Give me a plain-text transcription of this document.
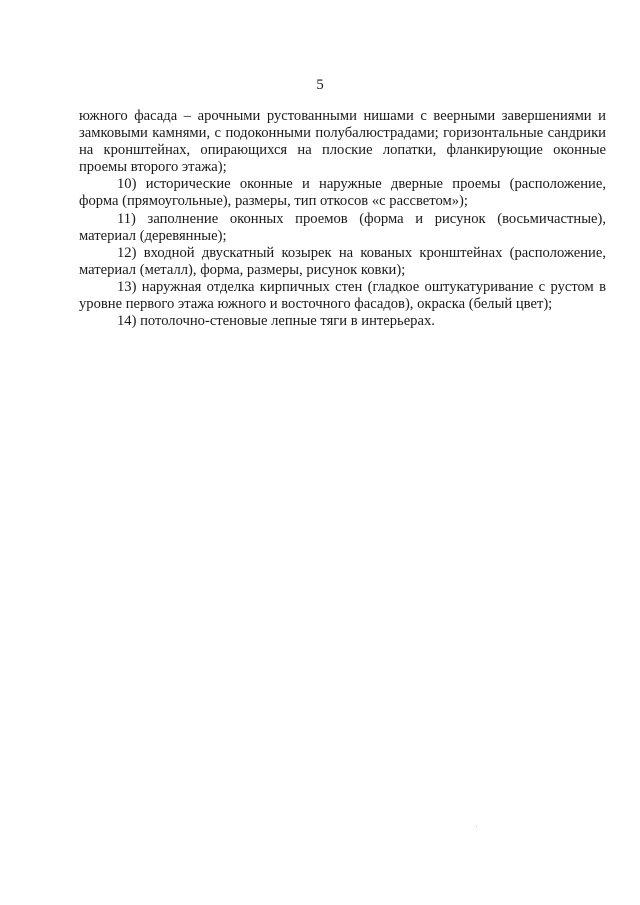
5

южного фасада – арочными рустованными нишами с веерными завершениями и замковыми камнями, с подоконными полубалюстрадами; горизонтальные сандрики на кронштейнах, опирающихся на плоские лопатки, фланкирующие оконные проемы второго этажа);

10) исторические оконные и наружные дверные проемы (расположение, форма (прямоугольные), размеры, тип откосов «с рассветом»);

11) заполнение оконных проемов (форма и рисунок (восьмичастные), материал (деревянные);

12) входной двускатный козырек на кованых кронштейнах (расположение, материал (металл), форма, размеры, рисунок ковки);

13) наружная отделка кирпичных стен (гладкое оштукатуривание с рустом в уровне первого этажа южного и восточного фасадов), окраска (белый цвет);

14) потолочно-стеновые лепные тяги в интерьерах.
